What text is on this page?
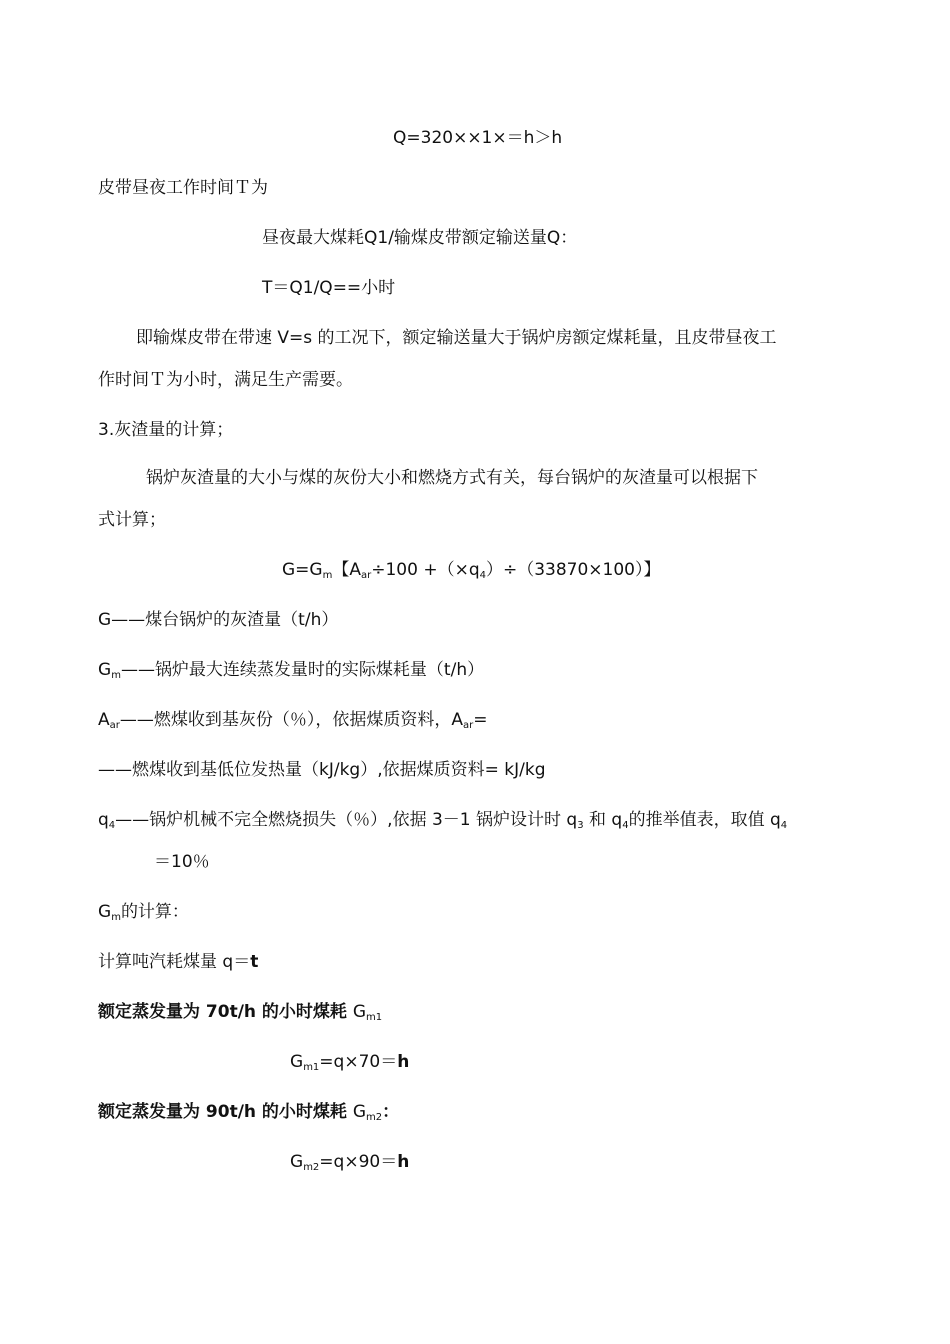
Q=320××1×＝h＞h
皮带昼夜工作时间Ｔ为
昼夜最大煤耗Q1/输煤皮带额定输送量Q：
T＝Q1/Q==小时
即输煤皮带在带速 V=s 的工况下，额定输送量大于锅炉房额定煤耗量，且皮带昼夜工
作时间Ｔ为小时，满足生产需要。
3.灰渣量的计算；
锅炉灰渣量的大小与煤的灰份大小和燃烧方式有关，每台锅炉的灰渣量可以根据下
式计算；
$G=G_m$【$A_{ar}\div 100 +(\times q_4)\div(33870\times 100)$】
G——煤台锅炉的灰渣量（t/h）
$G_m——$锅炉最大连续蒸发量时的实际煤耗量（t/h）
$A_{ar}——$燃煤收到基灰份（％），依据煤质资料，$A_{ar}=$
——燃煤收到基低位发热量（kJ/kg）,依据煤质资料= kJ/kg
$q_4——$锅炉机械不完全燃烧损失（％）,依据 3－1 锅炉设计时 $q_3$ 和 $q_4$的推举值表，取值 $q_4$
＝10％
$G_m$的计算：
计算吨汽耗煤量 q＝t
额定蒸发量为 70t/h 的小时煤耗 $G_{m1}$
$G_{m1}=q\times 70=h$
额定蒸发量为 90t/h 的小时煤耗 $G_{m2}$：
$G_{m2}=q\times 90=h$
